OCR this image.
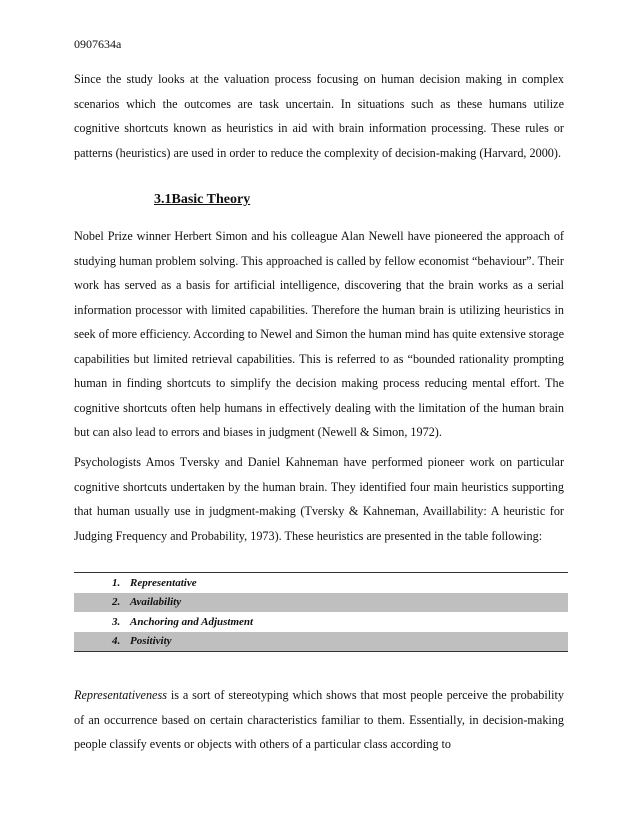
0907634a

Since the study looks at the valuation process focusing on human decision making in complex scenarios which the outcomes are task uncertain. In situations such as these humans utilize cognitive shortcuts known as heuristics in aid with brain information processing. These rules or patterns (heuristics) are used in order to reduce the complexity of decision-making (Harvard, 2000).

3.1Basic Theory

Nobel Prize winner Herbert Simon and his colleague Alan Newell have pioneered the approach of studying human problem solving. This approached is called by fellow economist “behaviour”. Their work has served as a basis for artificial intelligence, discovering that the brain works as a serial information processor with limited capabilities. Therefore the human brain is utilizing heuristics in seek of more efficiency. According to Newel and Simon the human mind has quite extensive storage capabilities but limited retrieval capabilities. This is referred to as “bounded rationality prompting human in finding shortcuts to simplify the decision making process reducing mental effort. The cognitive shortcuts often help humans in effectively dealing with the limitation of the human brain but can also lead to errors and biases in judgment (Newell & Simon, 1972).

Psychologists Amos Tversky and Daniel Kahneman have performed pioneer work on particular cognitive shortcuts undertaken by the human brain. They identified four main heuristics supporting that human usually use in judgment-making (Tversky & Kahneman, Availlability: A heuristic for Judging Frequency and Probability, 1973). These heuristics are presented in the table following:

1. Representative
2. Availability
3. Anchoring and Adjustment
4. Positivity

Representativeness is a sort of stereotyping which shows that most people perceive the probability of an occurrence based on certain characteristics familiar to them. Essentially, in decision-making people classify events or objects with others of a particular class according to
